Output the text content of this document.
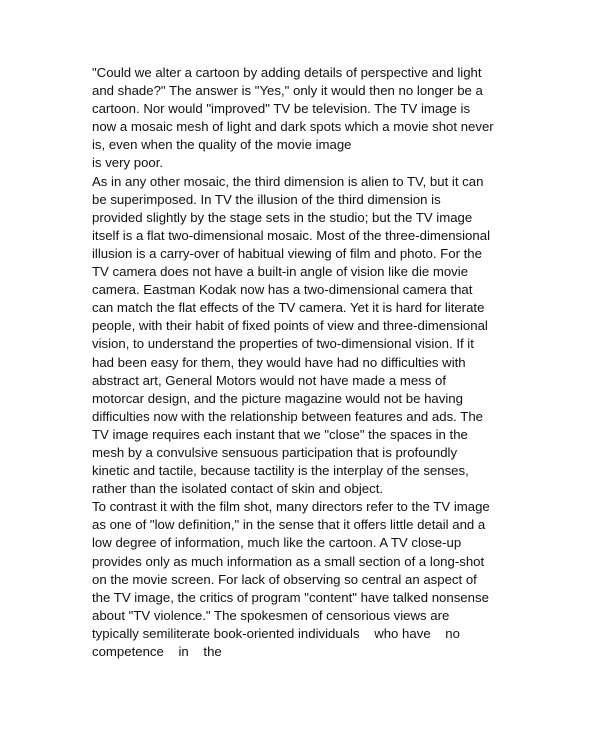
"Could we alter a cartoon by adding details of perspective and light
and shade?" The answer is "Yes," only it would then no longer be a
cartoon. Nor would "improved" TV be television. The TV image is
now a mosaic mesh of light and dark spots which a movie shot never
is, even when the quality of the movie image
is very poor.
As in any other mosaic, the third dimension is alien to TV, but it can
be superimposed. In TV the illusion of the third dimension is
provided slightly by the stage sets in the studio; but the TV image
itself is a flat two-dimensional mosaic. Most of the three-dimensional
illusion is a carry-over of habitual viewing of film and photo. For the
TV camera does not have a built-in angle of vision like die movie
camera. Eastman Kodak now has a two-dimensional camera that
can match the flat effects of the TV camera. Yet it is hard for literate
people, with their habit of fixed points of view and three-dimensional
vision, to understand the properties of two-dimensional vision. If it
had been easy for them, they would have had no difficulties with
abstract art, General Motors would not have made a mess of
motorcar design, and the picture magazine would not be having
difficulties now with the relationship between features and ads. The
TV image requires each instant that we "close" the spaces in the
mesh by a convulsive sensuous participation that is profoundly
kinetic and tactile, because tactility is the interplay of the senses,
rather than the isolated contact of skin and object.
To contrast it with the film shot, many directors refer to the TV image
as one of "low definition," in the sense that it offers little detail and a
low degree of information, much like the cartoon. A TV close-up
provides only as much information as a small section of a long-shot
on the movie screen. For lack of observing so central an aspect of
the TV image, the critics of program "content" have talked nonsense
about "TV violence." The spokesmen of censorious views are
typically semiliterate book-oriented individuals    who have    no
competence    in    the
